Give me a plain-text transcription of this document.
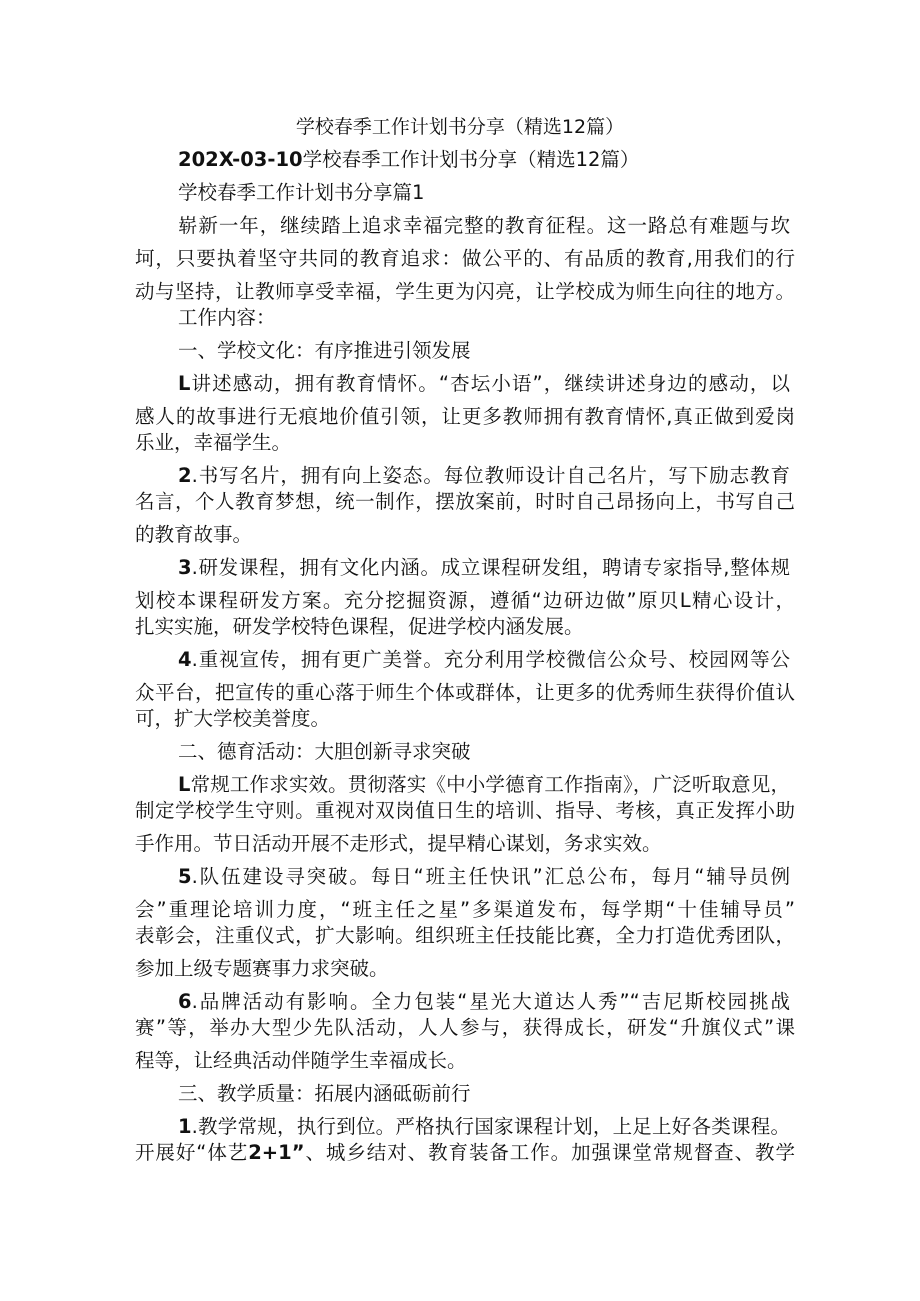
学校春季工作计划书分享（精选12篇）
202X-03-10学校春季工作计划书分享（精选12篇）
学校春季工作计划书分享篇1
崭新一年，继续踏上追求幸福完整的教育征程。这一路总有难题与坎
坷，只要执着坚守共同的教育追求：做公平的、有品质的教育,用我们的行
动与坚持，让教师享受幸福，学生更为闪亮，让学校成为师生向往的地方。
工作内容：
一、学校文化：有序推进引领发展
L讲述感动，拥有教育情怀。“杏坛小语”，继续讲述身边的感动，以
感人的故事进行无痕地价值引领，让更多教师拥有教育情怀,真正做到爱岗
乐业，幸福学生。
2.书写名片，拥有向上姿态。每位教师设计自己名片，写下励志教育
名言，个人教育梦想，统一制作，摆放案前，时时自己昂扬向上，书写自己
的教育故事。
3.研发课程，拥有文化内涵。成立课程研发组，聘请专家指导,整体规
划校本课程研发方案。充分挖掘资源，遵循“边研边做”原贝L精心设计，
扎实实施，研发学校特色课程，促进学校内涵发展。
4.重视宣传，拥有更广美誉。充分利用学校微信公众号、校园网等公
众平台，把宣传的重心落于师生个体或群体，让更多的优秀师生获得价值认
可，扩大学校美誉度。
二、德育活动：大胆创新寻求突破
L常规工作求实效。贯彻落实《中小学德育工作指南》，广泛听取意见，
制定学校学生守则。重视对双岗值日生的培训、指导、考核，真正发挥小助
手作用。节日活动开展不走形式，提早精心谋划，务求实效。
5.队伍建设寻突破。每日“班主任快讯”汇总公布，每月“辅导员例
会”重理论培训力度，“班主任之星”多渠道发布，每学期“十佳辅导员”
表彰会，注重仪式，扩大影响。组织班主任技能比赛，全力打造优秀团队，
参加上级专题赛事力求突破。
6.品牌活动有影响。全力包装“星光大道达人秀”“吉尼斯校园挑战
赛”等，举办大型少先队活动，人人参与，获得成长，研发“升旗仪式”课
程等，让经典活动伴随学生幸福成长。
三、教学质量：拓展内涵砥砺前行
1.教学常规，执行到位。严格执行国家课程计划，上足上好各类课程。
开展好“体艺2+1”、城乡结对、教育装备工作。加强课堂常规督查、教学
